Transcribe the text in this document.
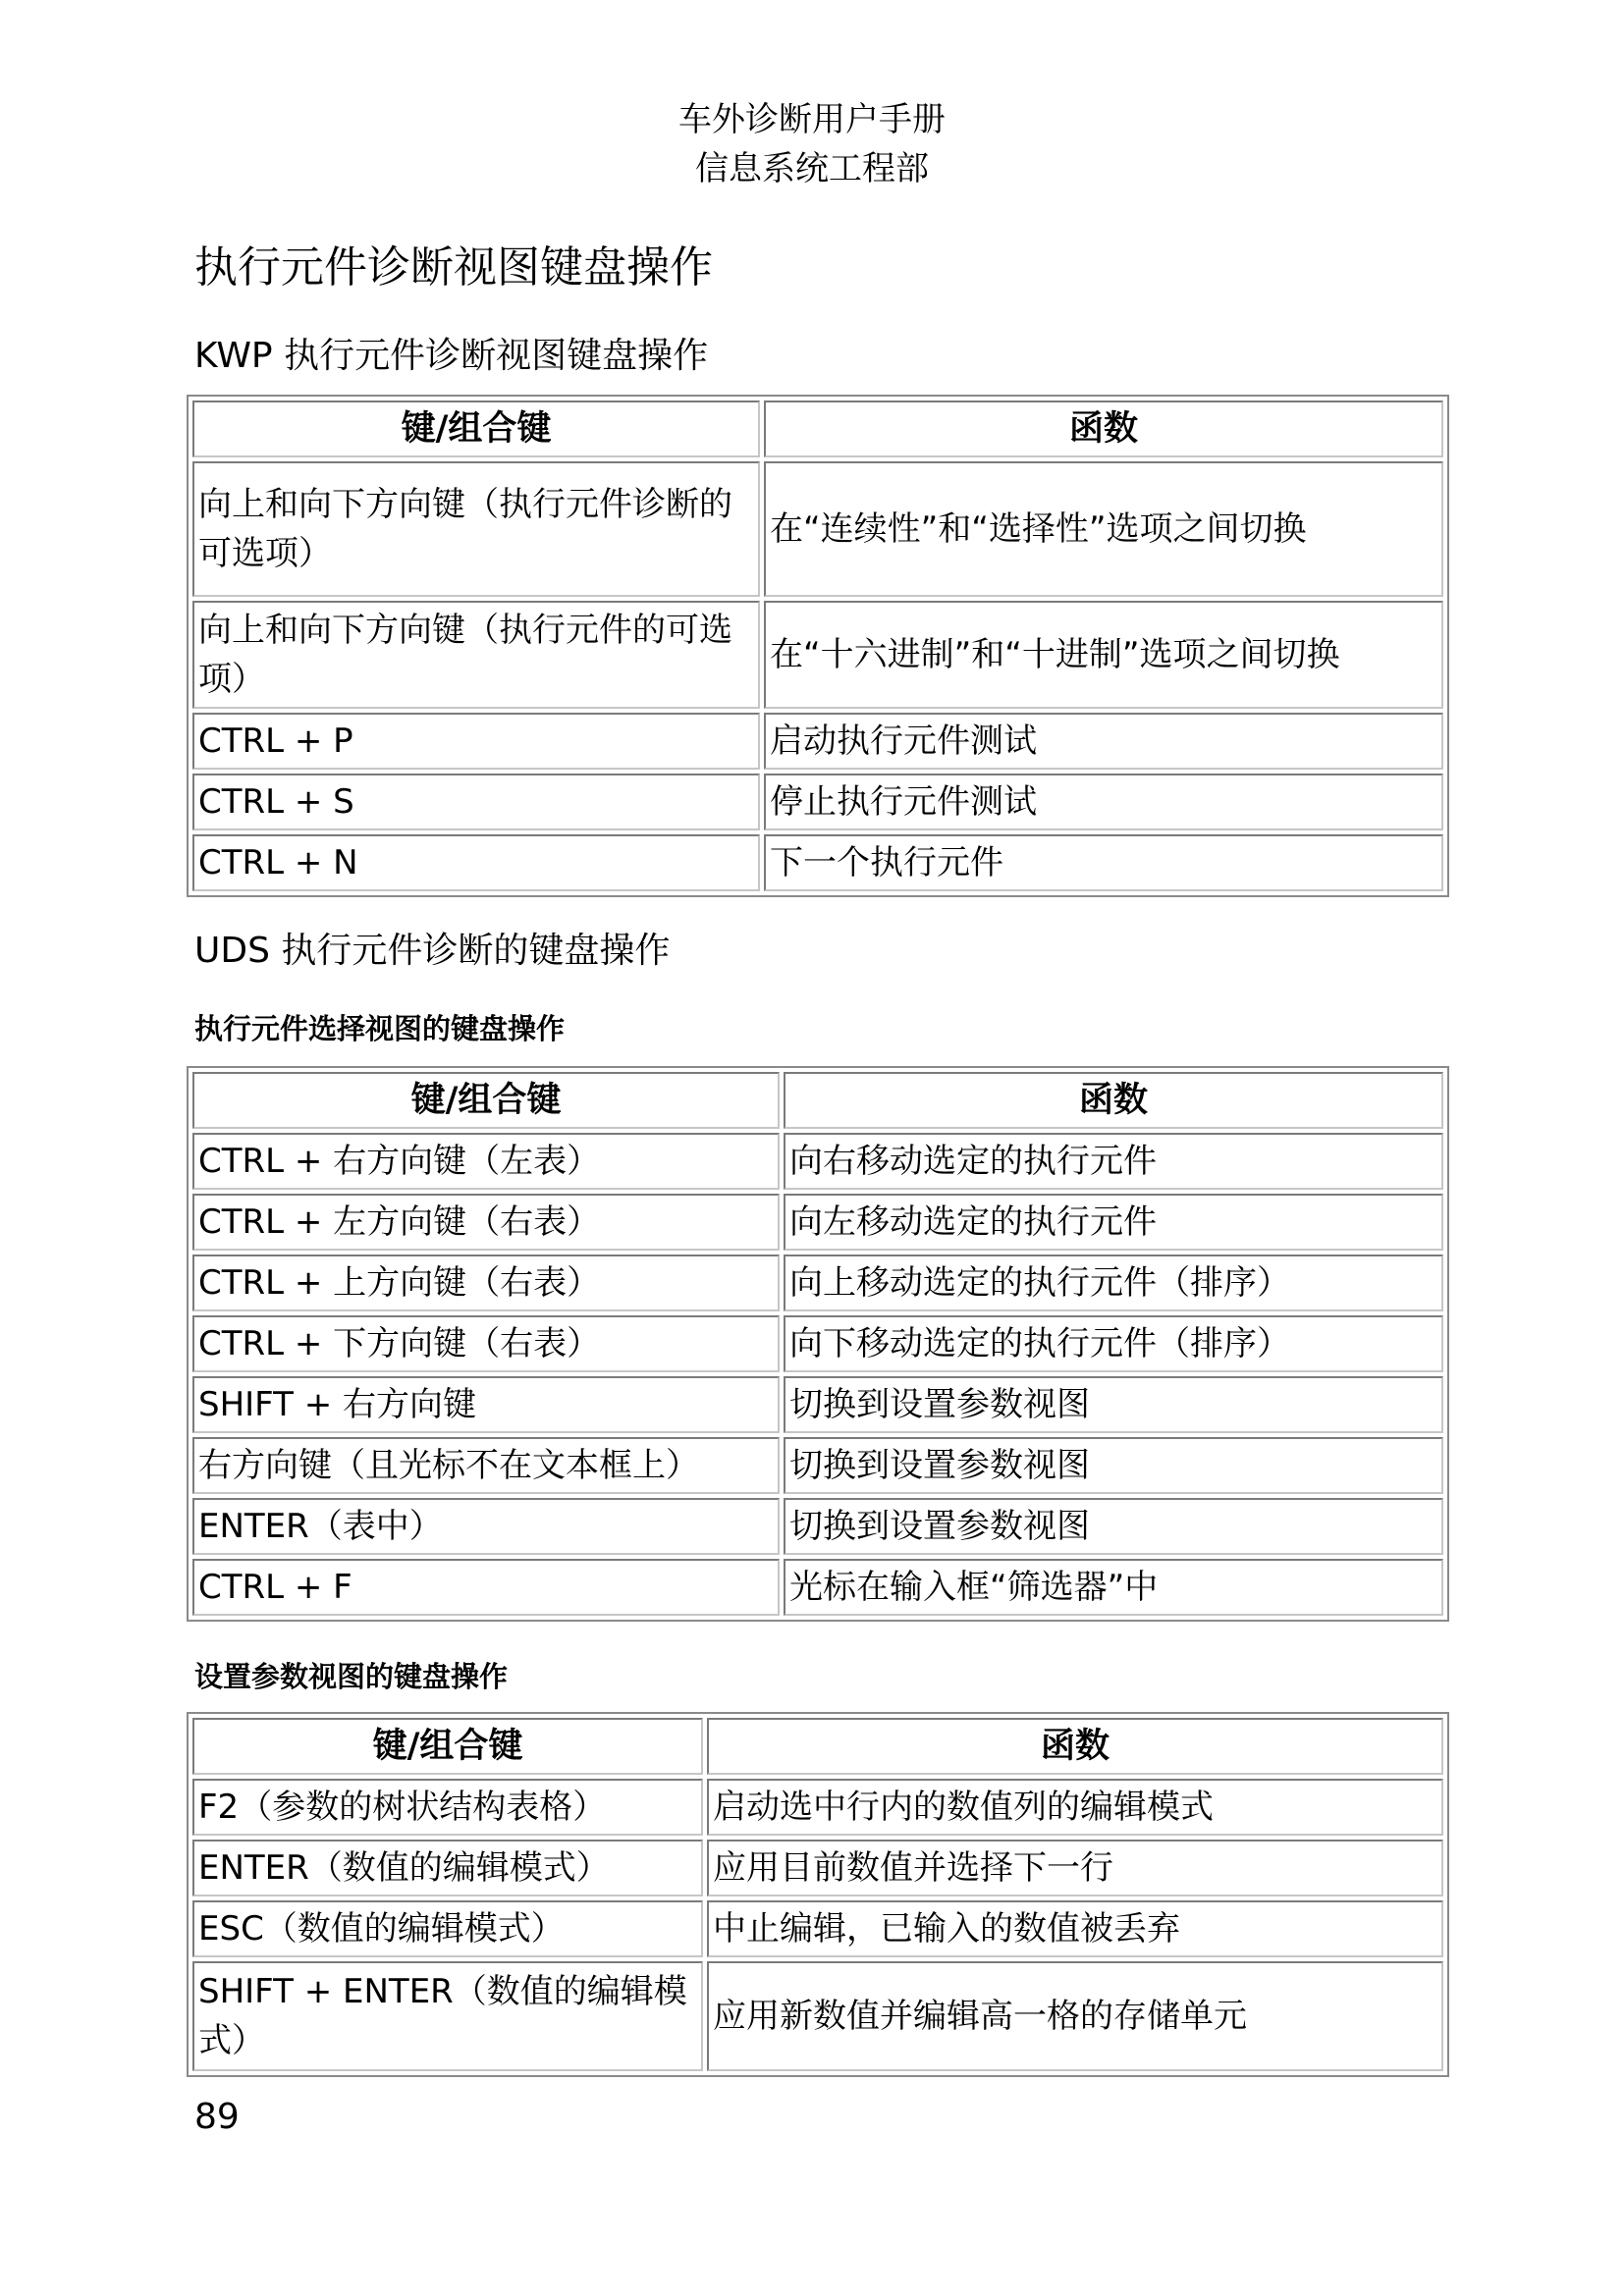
车外诊断用户手册
信息系统工程部
执行元件诊断视图键盘操作
KWP 执行元件诊断视图键盘操作
键/组合键	函数
向上和向下方向键（执行元件诊断的可选项）	在“连续性”和“选择性”选项之间切换
向上和向下方向键（执行元件的可选项）	在“十六进制”和“十进制”选项之间切换
CTRL + P	启动执行元件测试
CTRL + S	停止执行元件测试
CTRL + N	下一个执行元件
UDS 执行元件诊断的键盘操作
执行元件选择视图的键盘操作
键/组合键	函数
CTRL + 右方向键（左表）	向右移动选定的执行元件
CTRL + 左方向键（右表）	向左移动选定的执行元件
CTRL + 上方向键（右表）	向上移动选定的执行元件（排序）
CTRL + 下方向键（右表）	向下移动选定的执行元件（排序）
SHIFT + 右方向键	切换到设置参数视图
右方向键（且光标不在文本框上）	切换到设置参数视图
ENTER（表中）	切换到设置参数视图
CTRL + F	光标在输入框“筛选器”中
设置参数视图的键盘操作
键/组合键	函数
F2（参数的树状结构表格）	启动选中行内的数值列的编辑模式
ENTER（数值的编辑模式）	应用目前数值并选择下一行
ESC（数值的编辑模式）	中止编辑，已输入的数值被丢弃
SHIFT + ENTER（数值的编辑模式）	应用新数值并编辑高一格的存储单元
89
